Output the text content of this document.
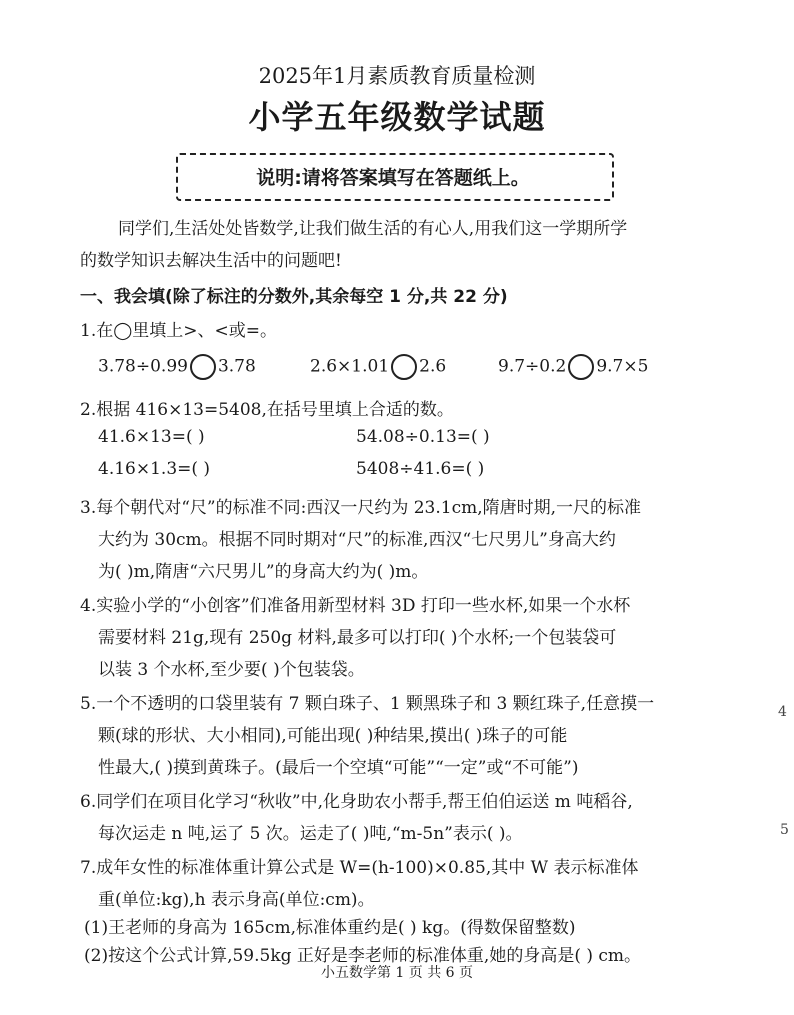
2025年1月素质教育质量检测
小学五年级数学试题
说明:请将答案填写在答题纸上。
同学们,生活处处皆数学,让我们做生活的有心人,用我们这一学期所学
的数学知识去解决生活中的问题吧!
一、我会填(除了标注的分数外,其余每空 1 分,共 22 分)
1.在◯里填上>、<或=。
3.78÷0.99 3.78	2.6×1.01 2.6	9.7÷0.2 9.7×5
2.根据 416×13=5408,在括号里填上合适的数。
41.6×13=( )	54.08÷0.13=( )
4.16×1.3=( )	5408÷41.6=( )
3.每个朝代对“尺”的标准不同:西汉一尺约为 23.1cm,隋唐时期,一尺的标准
大约为 30cm。根据不同时期对“尺”的标准,西汉“七尺男儿”身高大约
为( )m,隋唐“六尺男儿”的身高大约为( )m。
4.实验小学的“小创客”们准备用新型材料 3D 打印一些水杯,如果一个水杯
需要材料 21g,现有 250g 材料,最多可以打印( )个水杯;一个包装袋可
以装 3 个水杯,至少要( )个包装袋。
5.一个不透明的口袋里装有 7 颗白珠子、1 颗黑珠子和 3 颗红珠子,任意摸一
颗(球的形状、大小相同),可能出现( )种结果,摸出( )珠子的可能
性最大,( )摸到黄珠子。(最后一个空填“可能”“一定”或“不可能”)
6.同学们在项目化学习“秋收”中,化身助农小帮手,帮王伯伯运送 m 吨稻谷,
每次运走 n 吨,运了 5 次。运走了( )吨,“m-5n”表示( )。
7.成年女性的标准体重计算公式是 W=(h-100)×0.85,其中 W 表示标准体
重(单位:kg),h 表示身高(单位:cm)。
(1)王老师的身高为 165cm,标准体重约是( ) kg。(得数保留整数)
(2)按这个公式计算,59.5kg 正好是李老师的标准体重,她的身高是( ) cm。
小五数学第 1 页 共 6 页
4
5
